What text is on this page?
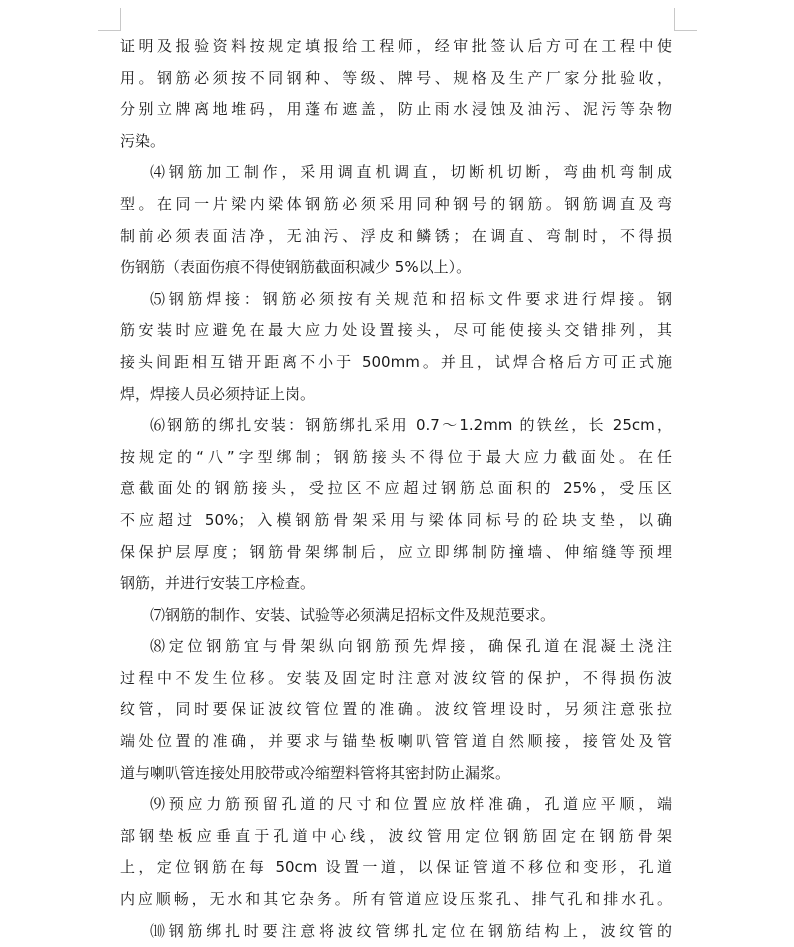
证明及报验资料按规定填报给工程师，经审批签认后方可在工程中使
用。钢筋必须按不同钢种、等级、牌号、规格及生产厂家分批验收，
分别立牌离地堆码，用蓬布遮盖，防止雨水浸蚀及油污、泥污等杂物
污染。
⑷钢筋加工制作，采用调直机调直，切断机切断，弯曲机弯制成
型。在同一片梁内梁体钢筋必须采用同种钢号的钢筋。钢筋调直及弯
制前必须表面洁净，无油污、浮皮和鳞锈；在调直、弯制时，不得损
伤钢筋（表面伤痕不得使钢筋截面积减少 5%以上）。
⑸钢筋焊接：钢筋必须按有关规范和招标文件要求进行焊接。钢
筋安装时应避免在最大应力处设置接头，尽可能使接头交错排列，其
接头间距相互错开距离不小于 500mm。并且，试焊合格后方可正式施
焊，焊接人员必须持证上岗。
⑹钢筋的绑扎安装：钢筋绑扎采用 0.7～1.2mm 的铁丝，长 25cm，
按规定的“八”字型绑制；钢筋接头不得位于最大应力截面处。在任
意截面处的钢筋接头，受拉区不应超过钢筋总面积的 25%，受压区
不应超过 50%；入模钢筋骨架采用与梁体同标号的砼块支垫，以确
保保护层厚度；钢筋骨架绑制后，应立即绑制防撞墙、伸缩缝等预埋
钢筋，并进行安装工序检查。
⑺钢筋的制作、安装、试验等必须满足招标文件及规范要求。
⑻定位钢筋宜与骨架纵向钢筋预先焊接，确保孔道在混凝土浇注
过程中不发生位移。安装及固定时注意对波纹管的保护，不得损伤波
纹管，同时要保证波纹管位置的准确。波纹管埋设时，另须注意张拉
端处位置的准确，并要求与锚垫板喇叭管管道自然顺接，接管处及管
道与喇叭管连接处用胶带或冷缩塑料管将其密封防止漏浆。
⑼预应力筋预留孔道的尺寸和位置应放样准确，孔道应平顺，端
部钢垫板应垂直于孔道中心线，波纹管用定位钢筋固定在钢筋骨架
上，定位钢筋在每 50cm 设置一道，以保证管道不移位和变形，孔道
内应顺畅，无水和其它杂务。所有管道应设压浆孔、排气孔和排水孔。
⑽钢筋绑扎时要注意将波纹管绑扎定位在钢筋结构上，波纹管的
